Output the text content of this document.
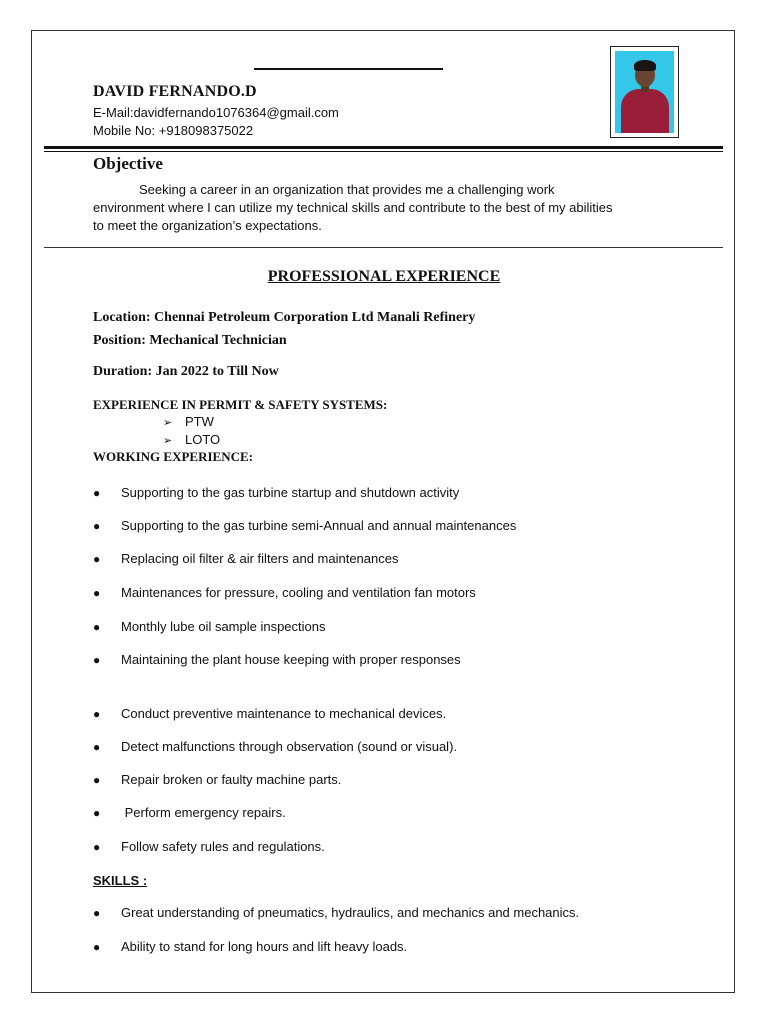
DAVID FERNANDO.D

E-Mail:davidfernando1076364@gmail.com

Mobile No: +918098375022

Objective

Seeking a career in an organization that provides me a challenging work

environment where I can utilize my technical skills and contribute to the best of my abilities

to meet the organization’s expectations.

PROFESSIONAL EXPERIENCE

Location: Chennai Petroleum Corporation Ltd Manali Refinery

Position: Mechanical Technician

Duration: Jan 2022 to Till Now

EXPERIENCE IN PERMIT & SAFETY SYSTEMS:

➢ PTW

➢ LOTO

WORKING EXPERIENCE:

● Supporting to the gas turbine startup and shutdown activity

● Supporting to the gas turbine semi-Annual and annual maintenances

● Replacing oil filter & air filters and maintenances

● Maintenances for pressure, cooling and ventilation fan motors

● Monthly lube oil sample inspections

● Maintaining the plant house keeping with proper responses

● Conduct preventive maintenance to mechanical devices.

● Detect malfunctions through observation (sound or visual).

● Repair broken or faulty machine parts.

● Perform emergency repairs.

● Follow safety rules and regulations.

SKILLS :

● Great understanding of pneumatics, hydraulics, and mechanics and mechanics.

● Ability to stand for long hours and lift heavy loads.
